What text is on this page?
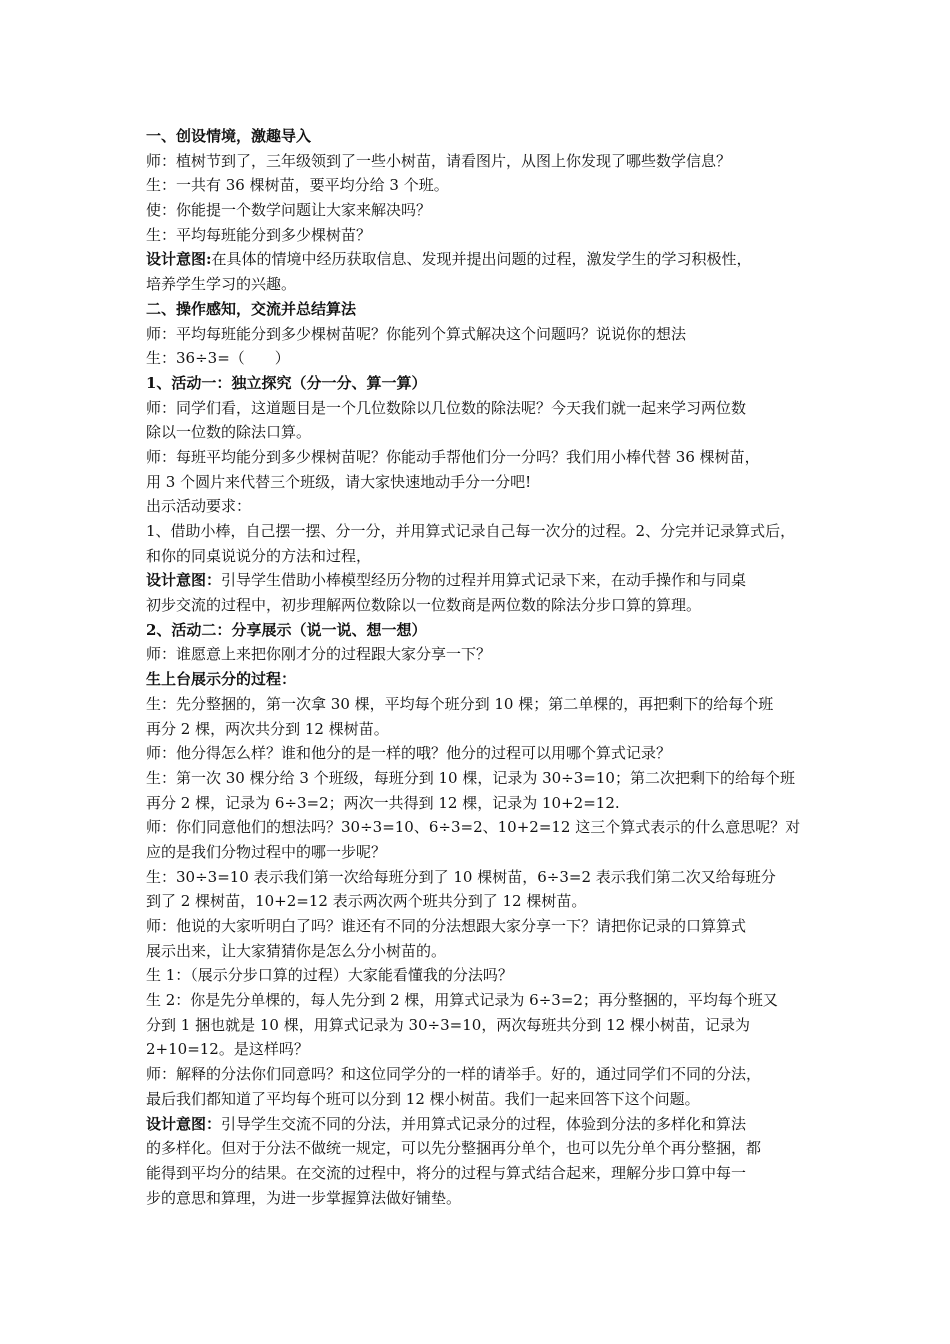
一、创设情境，激趣导入
师：植树节到了，三年级领到了一些小树苗，请看图片，从图上你发现了哪些数学信息？
生：一共有 36 棵树苗，要平均分给 3 个班。
使：你能提一个数学问题让大家来解决吗？
生：平均每班能分到多少棵树苗？
设计意图:在具体的情境中经历获取信息、发现并提出问题的过程，激发学生的学习积极性，
培养学生学习的兴趣。
二、操作感知，交流并总结算法
师：平均每班能分到多少棵树苗呢？你能列个算式解决这个问题吗？说说你的想法
生：36÷3=（　　）
1、活动一：独立探究（分一分、算一算）
师：同学们看，这道题目是一个几位数除以几位数的除法呢？今天我们就一起来学习两位数
除以一位数的除法口算。
师：每班平均能分到多少棵树苗呢？你能动手帮他们分一分吗？我们用小棒代替 36 棵树苗，
用 3 个圆片来代替三个班级，请大家快速地动手分一分吧!
出示活动要求：
1、借助小棒，自己摆一摆、分一分，并用算式记录自己每一次分的过程。2、分完并记录算式后，
和你的同桌说说分的方法和过程，
设计意图：引导学生借助小棒模型经历分物的过程并用算式记录下来，在动手操作和与同桌
初步交流的过程中，初步理解两位数除以一位数商是两位数的除法分步口算的算理。
2、活动二：分享展示（说一说、想一想）
师：谁愿意上来把你刚才分的过程跟大家分享一下？
生上台展示分的过程：
生：先分整捆的，第一次拿 30 棵，平均每个班分到 10 棵；第二单棵的，再把剩下的给每个班
再分 2 棵，两次共分到 12 棵树苗。
师：他分得怎么样？谁和他分的是一样的哦？他分的过程可以用哪个算式记录？
生：第一次 30 棵分给 3 个班级，每班分到 10 棵，记录为 30÷3=10；第二次把剩下的给每个班
再分 2 棵，记录为 6÷3=2；两次一共得到 12 棵，记录为 10+2=12.
师：你们同意他们的想法吗？30÷3=10、6÷3=2、10+2=12 这三个算式表示的什么意思呢？对
应的是我们分物过程中的哪一步呢？
生：30÷3=10 表示我们第一次给每班分到了 10 棵树苗，6÷3=2 表示我们第二次又给每班分
到了 2 棵树苗，10+2=12 表示两次两个班共分到了 12 棵树苗。
师：他说的大家听明白了吗？谁还有不同的分法想跟大家分享一下？请把你记录的口算算式
展示出来，让大家猜猜你是怎么分小树苗的。
生 1：（展示分步口算的过程）大家能看懂我的分法吗？
生 2：你是先分单棵的，每人先分到 2 棵，用算式记录为 6÷3=2；再分整捆的，平均每个班又
分到 1 捆也就是 10 棵，用算式记录为 30÷3=10，两次每班共分到 12 棵小树苗，记录为
2+10=12。是这样吗？
师：解释的分法你们同意吗？和这位同学分的一样的请举手。好的，通过同学们不同的分法，
最后我们都知道了平均每个班可以分到 12 棵小树苗。我们一起来回答下这个问题。
设计意图：引导学生交流不同的分法，并用算式记录分的过程，体验到分法的多样化和算法
的多样化。但对于分法不做统一规定，可以先分整捆再分单个，也可以先分单个再分整捆，都
能得到平均分的结果。在交流的过程中，将分的过程与算式结合起来，理解分步口算中每一
步的意思和算理，为进一步掌握算法做好铺垫。
